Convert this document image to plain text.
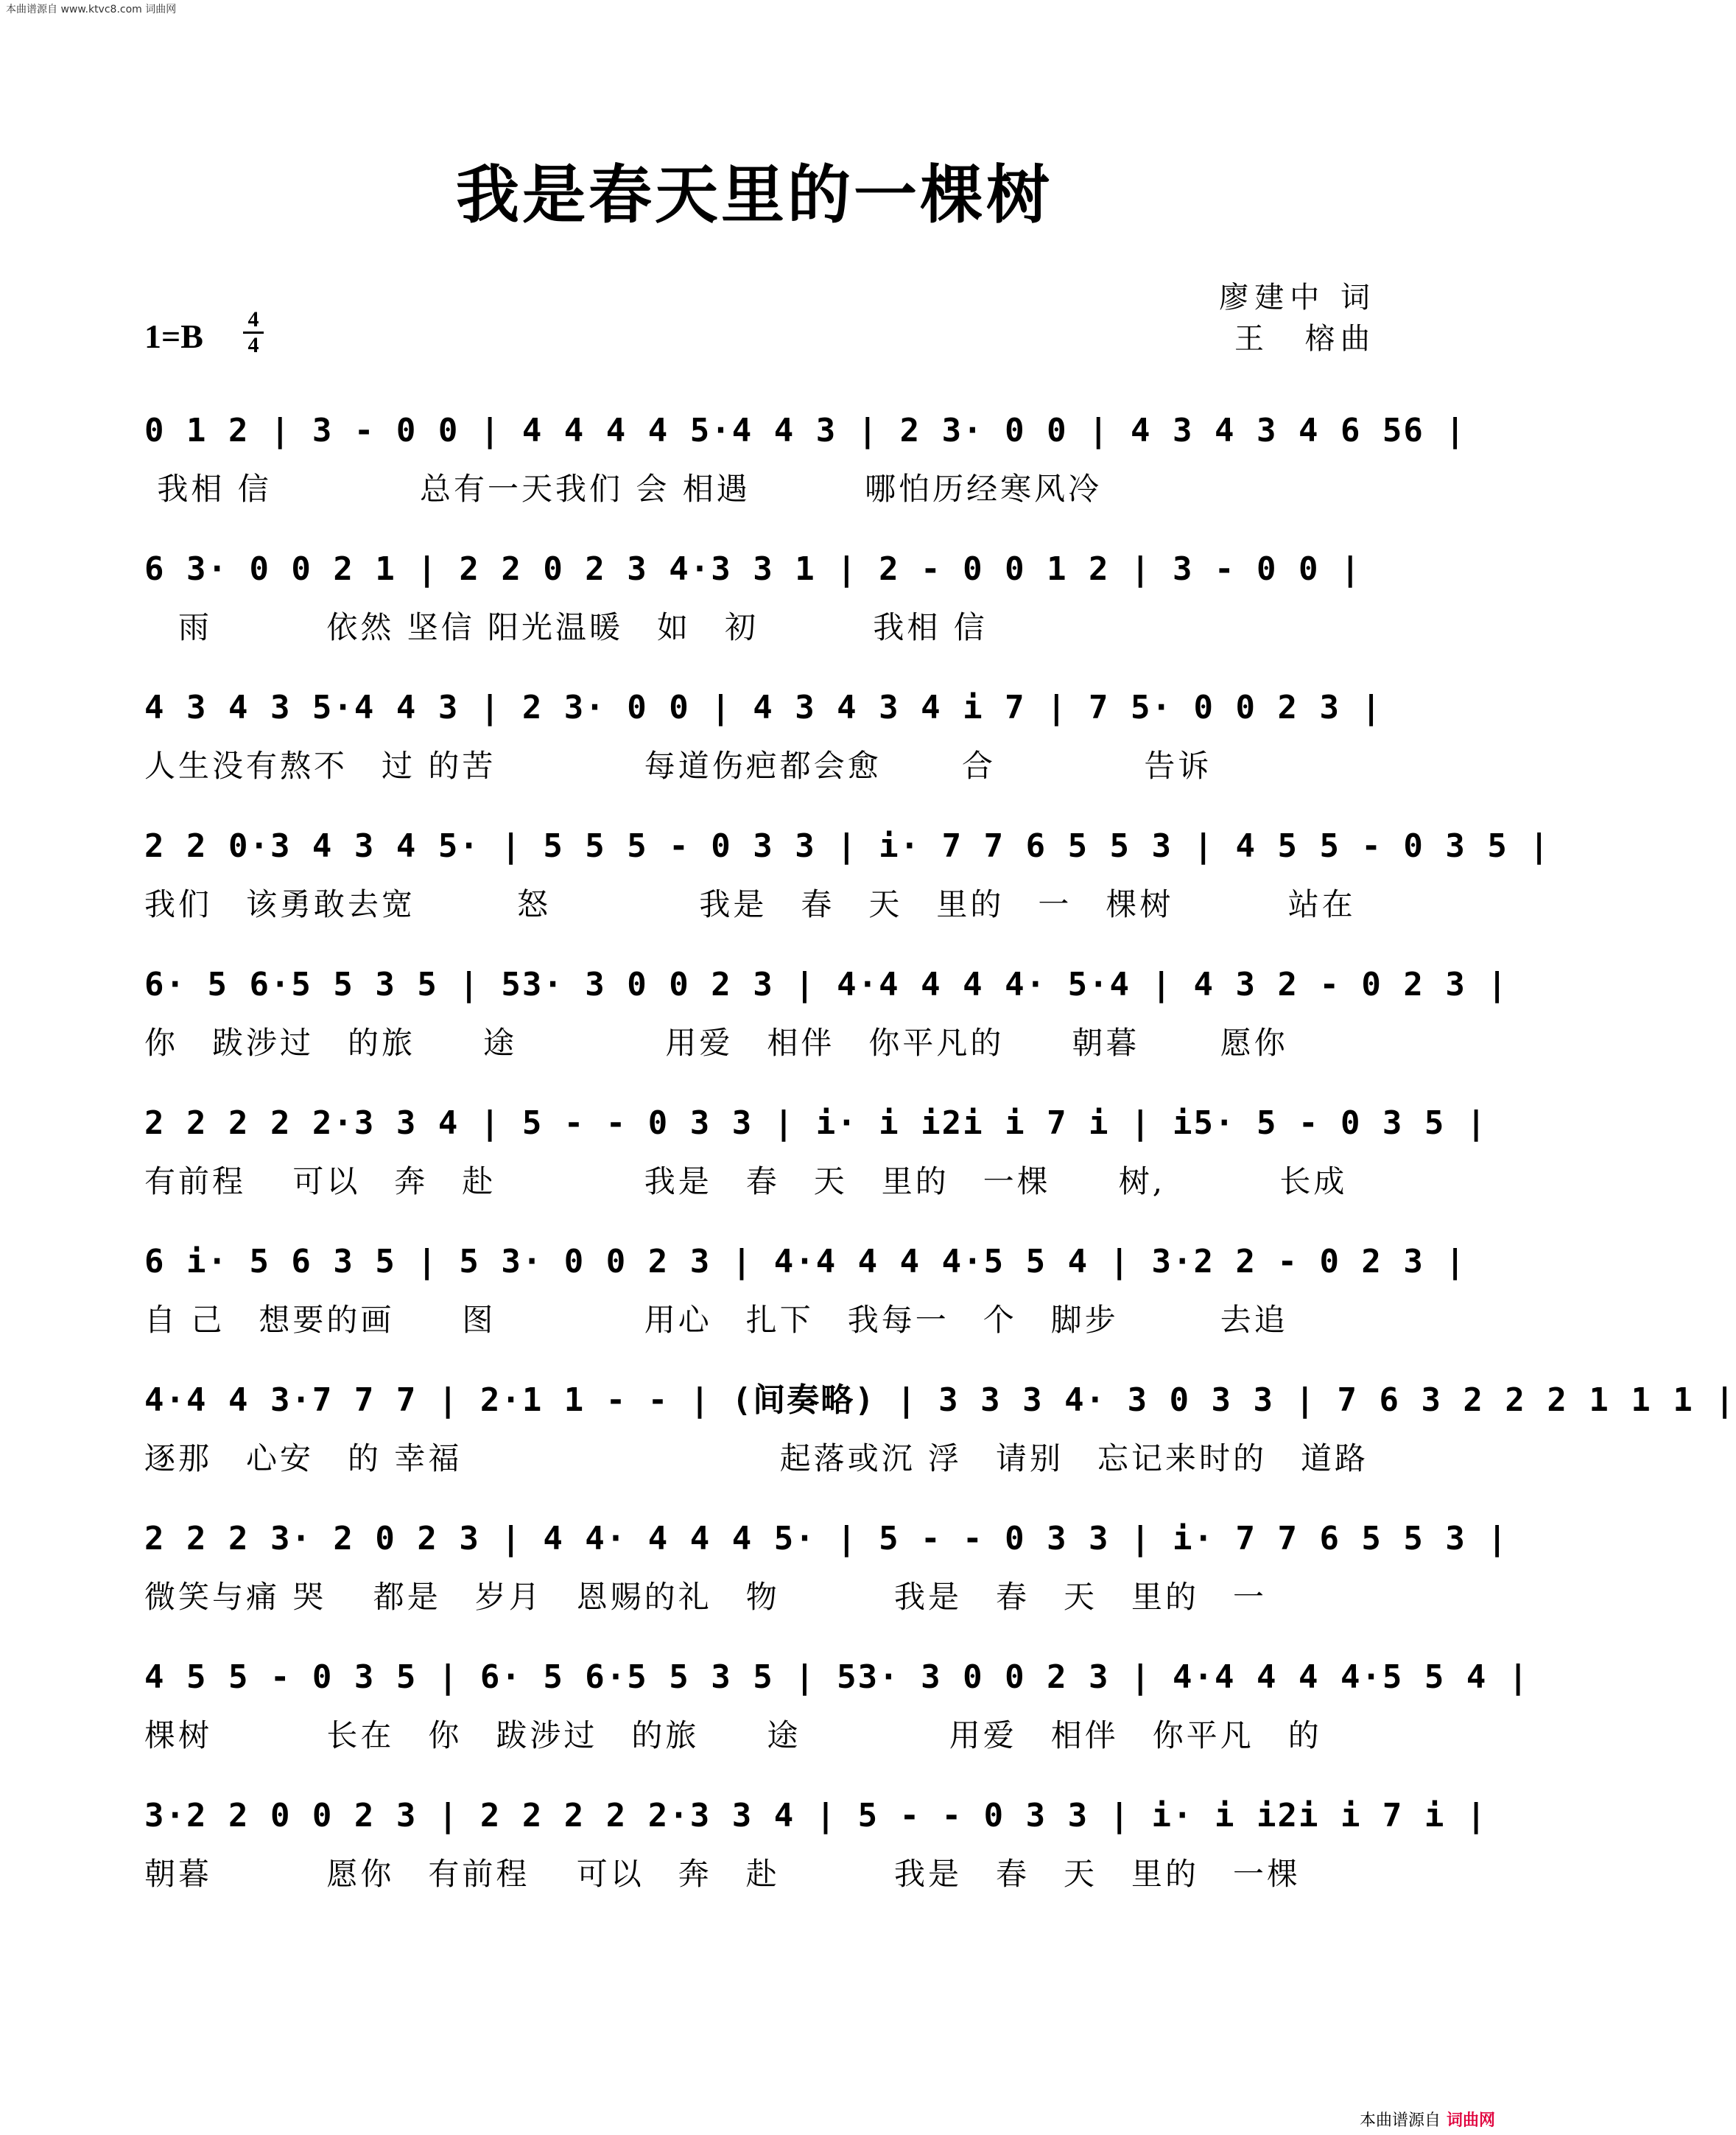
本曲谱源自 www.ktvc8.com 词曲网
我是春天里的一棵树
廖建中 词
王　榕曲
1=B 4
4
0 1 2 | 3 - 0 0 | 4 4 4 4 5·4 4 3 | 2 3· 0 0 | 4 3 4 3 4 6 56 |
我相 信　　　　 总有一天我们 会 相遇　　　 哪怕历经寒风冷
6 3· 0 0 2 1 | 2 2 0 2 3 4·3 3 1 | 2 - 0 0 1 2 | 3 - 0 0 |
　雨　　　 依然 坚信 阳光温暖　如　初　　　 我相 信
4 3 4 3 5·4 4 3 | 2 3· 0 0 | 4 3 4 3 4 i 7 | 7 5· 0 0 2 3 |
人生没有熬不　过 的苦　　　　 每道伤疤都会愈　　 合　　　　 告诉
2 2 0·3 4 3 4 5· | 5 5 5 - 0 3 3 | i· 7 7 6 5 5 3 | 4 5 5 - 0 3 5 |
我们　该勇敢去宽　　　怒　　　　 我是　春　天　里的　一　棵树　　　 站在
6· 5 6·5 5 3 5 | 53· 3 0 0 2 3 | 4·4 4 4 4· 5·4 | 4 3 2 - 0 2 3 |
你　跋涉过　的旅　　途　　　　 用爱　相伴　你平凡的　　朝暮　　 愿你
2 2 2 2 2·3 3 4 | 5 - - 0 3 3 | i· i i2i i 7 i | i5· 5 - 0 3 5 |
有前程　 可以　奔　赴　　　　 我是　春　天　里的　一棵　　树,　　　 长成
6 i· 5 6 3 5 | 5 3· 0 0 2 3 | 4·4 4 4 4·5 5 4 | 3·2 2 - 0 2 3 |
自 己　想要的画　　图　　　　 用心　扎下　我每一　个　脚步　　　去追
4·4 4 3·7 7 7 | 2·1 1 - - | (间奏略) | 3 3 3 4· 3 0 3 3 | 7 6 3 2 2 2 1 1 1 |
逐那　心安　的 幸福　　　　　　　　　 起落或沉 浮　请别　忘记来时的　道路
2 2 2 3· 2 0 2 3 | 4 4· 4 4 4 5· | 5 - - 0 3 3 | i· 7 7 6 5 5 3 |
微笑与痛 哭　 都是　岁月　恩赐的礼　物　　　 我是　春　天　里的　一
4 5 5 - 0 3 5 | 6· 5 6·5 5 3 5 | 53· 3 0 0 2 3 | 4·4 4 4 4·5 5 4 |
棵树　　　 长在　你　跋涉过　的旅　　途　　　　 用爱　相伴　你平凡　的
3·2 2 0 0 2 3 | 2 2 2 2 2·3 3 4 | 5 - - 0 3 3 | i· i i2i i 7 i |
朝暮　　　 愿你　有前程　 可以　奔　赴　　　 我是　春　天　里的　一棵
本曲谱源自 词曲网
